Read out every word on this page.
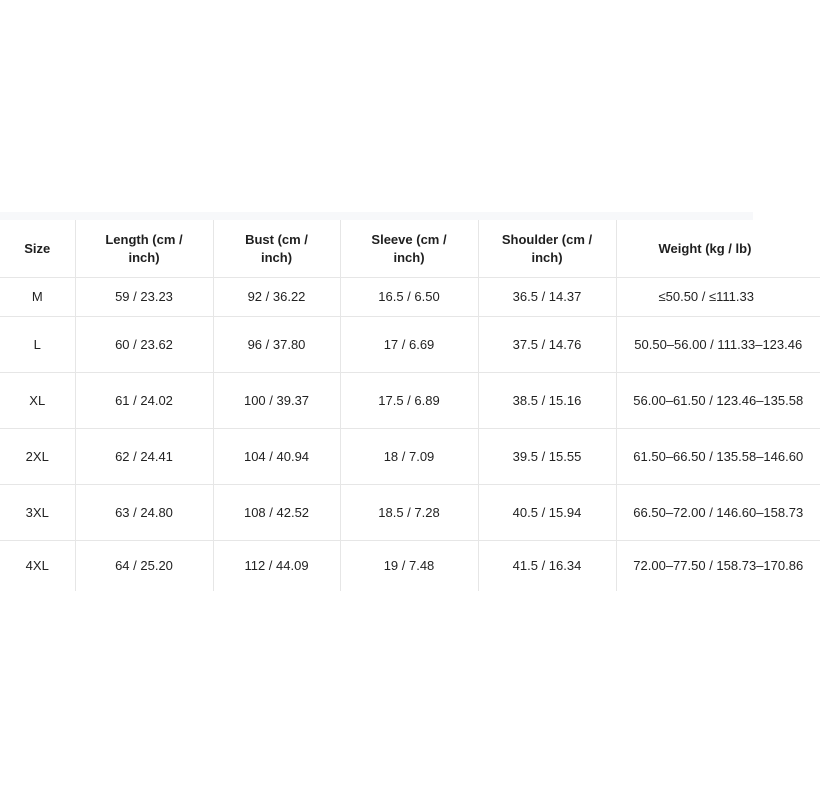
Size	Length (cm / inch)	Bust (cm / inch)	Sleeve (cm / inch)	Shoulder (cm / inch)	Weight (kg / lb)
M	59 / 23.23	92 / 36.22	16.5 / 6.50	36.5 / 14.37	≤50.50 / ≤111.33
L	60 / 23.62	96 / 37.80	17 / 6.69	37.5 / 14.76	50.50–56.00 / 111.33–123.46
XL	61 / 24.02	100 / 39.37	17.5 / 6.89	38.5 / 15.16	56.00–61.50 / 123.46–135.58
2XL	62 / 24.41	104 / 40.94	18 / 7.09	39.5 / 15.55	61.50–66.50 / 135.58–146.60
3XL	63 / 24.80	108 / 42.52	18.5 / 7.28	40.5 / 15.94	66.50–72.00 / 146.60–158.73
4XL	64 / 25.20	112 / 44.09	19 / 7.48	41.5 / 16.34	72.00–77.50 / 158.73–170.86
